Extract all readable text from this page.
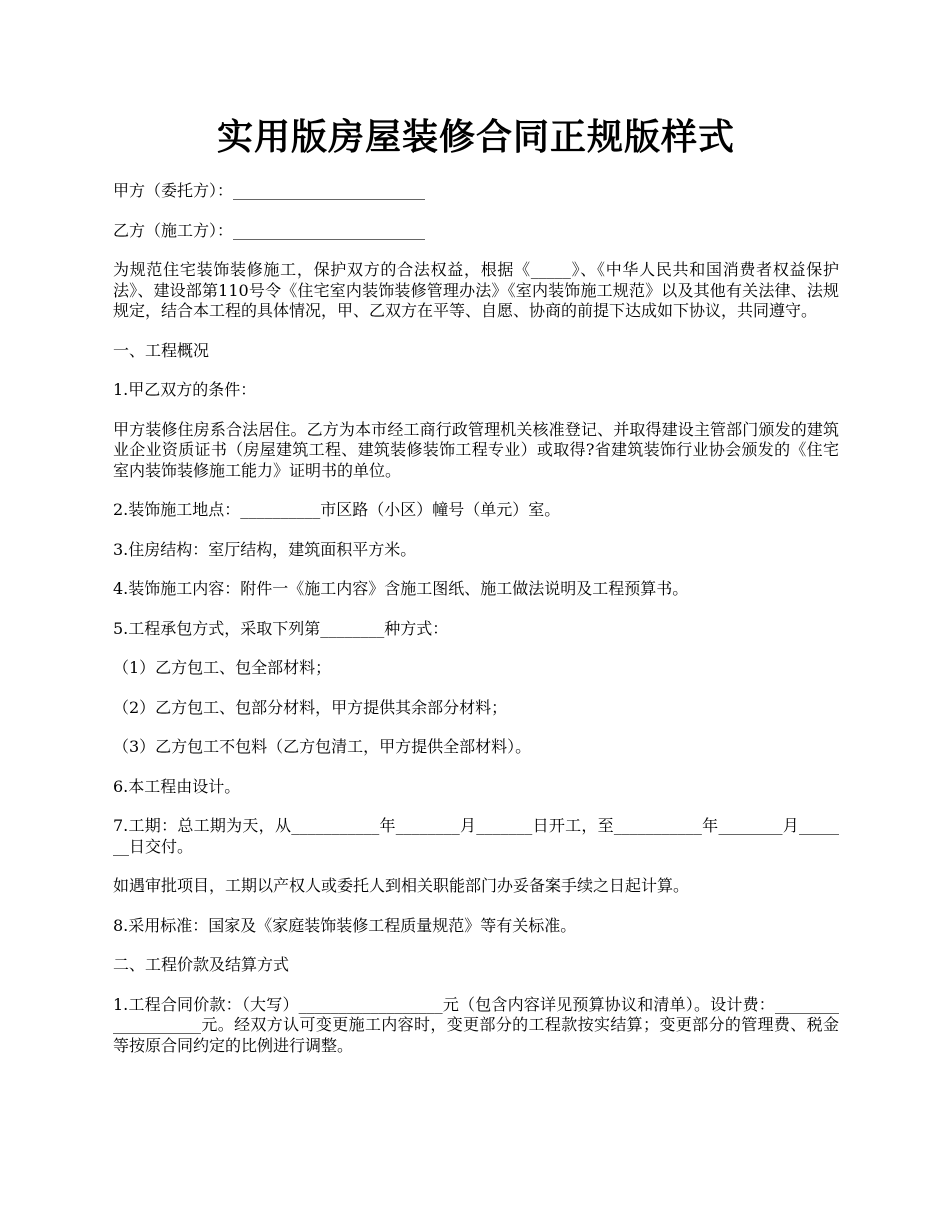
实用版房屋装修合同正规版样式

甲方（委托方）：________________________

乙方（施工方）：________________________

为规范住宅装饰装修施工，保护双方的合法权益，根据《_____》、《中华人民共和国消费者权益保护法》、建设部第110号令《住宅室内装饰装修管理办法》《室内装饰施工规范》以及其他有关法律、法规规定，结合本工程的具体情况，甲、乙双方在平等、自愿、协商的前提下达成如下协议，共同遵守。

一、工程概况

1.甲乙双方的条件：

甲方装修住房系合法居住。乙方为本市经工商行政管理机关核准登记、并取得建设主管部门颁发的建筑业企业资质证书（房屋建筑工程、建筑装修装饰工程专业）或取得?省建筑装饰行业协会颁发的《住宅室内装饰装修施工能力》证明书的单位。

2.装饰施工地点：__________市区路（小区）幢号（单元）室。

3.住房结构：室厅结构，建筑面积平方米。

4.装饰施工内容：附件一《施工内容》含施工图纸、施工做法说明及工程预算书。

5.工程承包方式，采取下列第________种方式：

（1）乙方包工、包全部材料；

（2）乙方包工、包部分材料，甲方提供其余部分材料；

（3）乙方包工不包料（乙方包清工，甲方提供全部材料）。

6.本工程由设计。

7.工期：总工期为天，从___________年________月_______日开工，至___________年________月_______日交付。

如遇审批项目，工期以产权人或委托人到相关职能部门办妥备案手续之日起计算。

8.采用标准：国家及《家庭装饰装修工程质量规范》等有关标准。

二、工程价款及结算方式

1.工程合同价款：（大写）__________________元（包含内容详见预算协议和清单）。设计费：___________________元。经双方认可变更施工内容时，变更部分的工程款按实结算；变更部分的管理费、税金等按原合同约定的比例进行调整。
